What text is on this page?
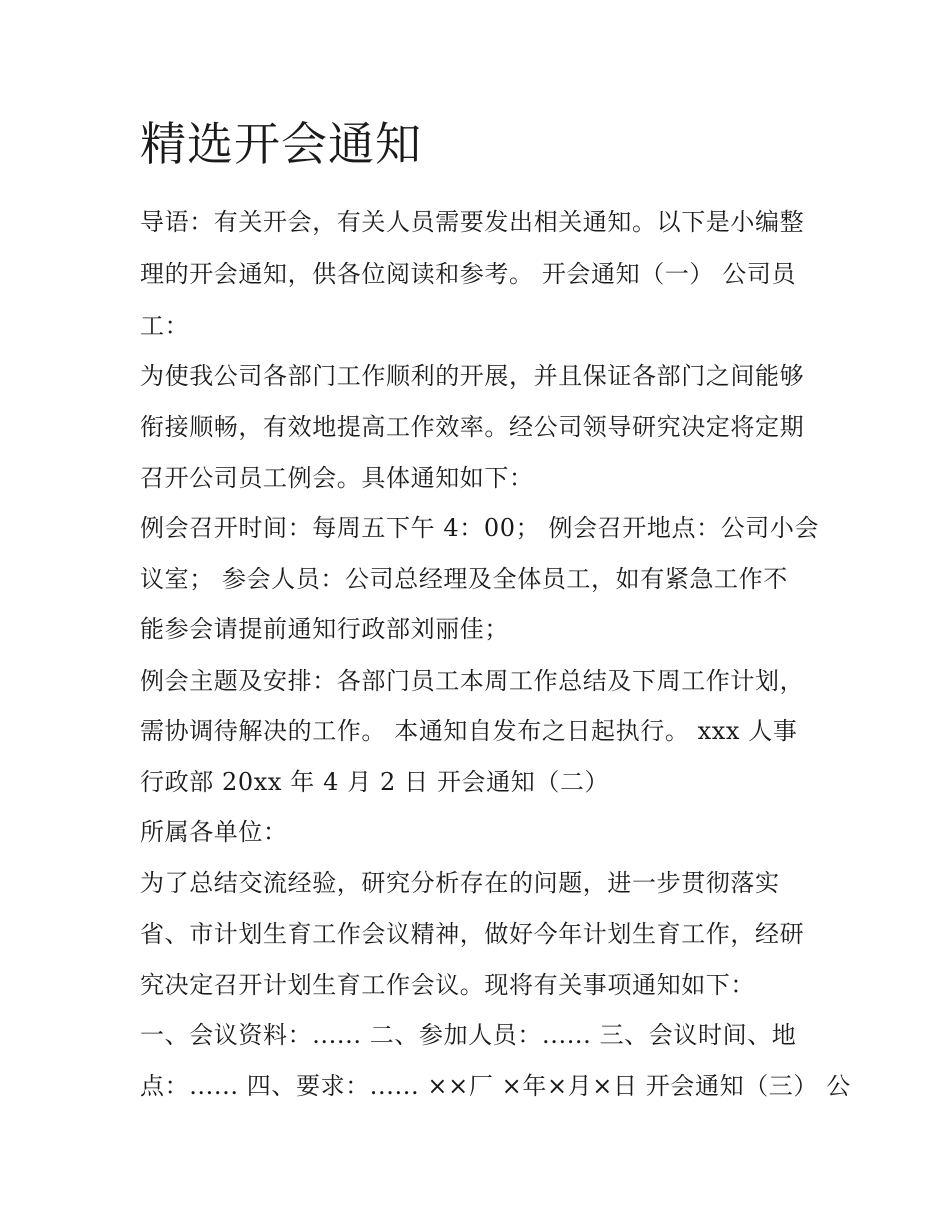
精选开会通知
导语：有关开会，有关人员需要发出相关通知。以下是小编整
理的开会通知，供各位阅读和参考。 开会通知（一） 公司员
工：
为使我公司各部门工作顺利的开展，并且保证各部门之间能够
衔接顺畅，有效地提高工作效率。经公司领导研究决定将定期
召开公司员工例会。具体通知如下：
例会召开时间：每周五下午 4：00； 例会召开地点：公司小会
议室； 参会人员：公司总经理及全体员工，如有紧急工作不
能参会请提前通知行政部刘丽佳；
例会主题及安排：各部门员工本周工作总结及下周工作计划，
需协调待解决的工作。 本通知自发布之日起执行。 xxx 人事
行政部 20xx 年 4 月 2 日 开会通知（二）
所属各单位：
为了总结交流经验，研究分析存在的问题，进一步贯彻落实
省、市计划生育工作会议精神，做好今年计划生育工作，经研
究决定召开计划生育工作会议。现将有关事项通知如下：
一、会议资料：...... 二、参加人员：...... 三、会议时间、地
点：...... 四、要求：...... ××厂 ×年×月×日 开会通知（三） 公
